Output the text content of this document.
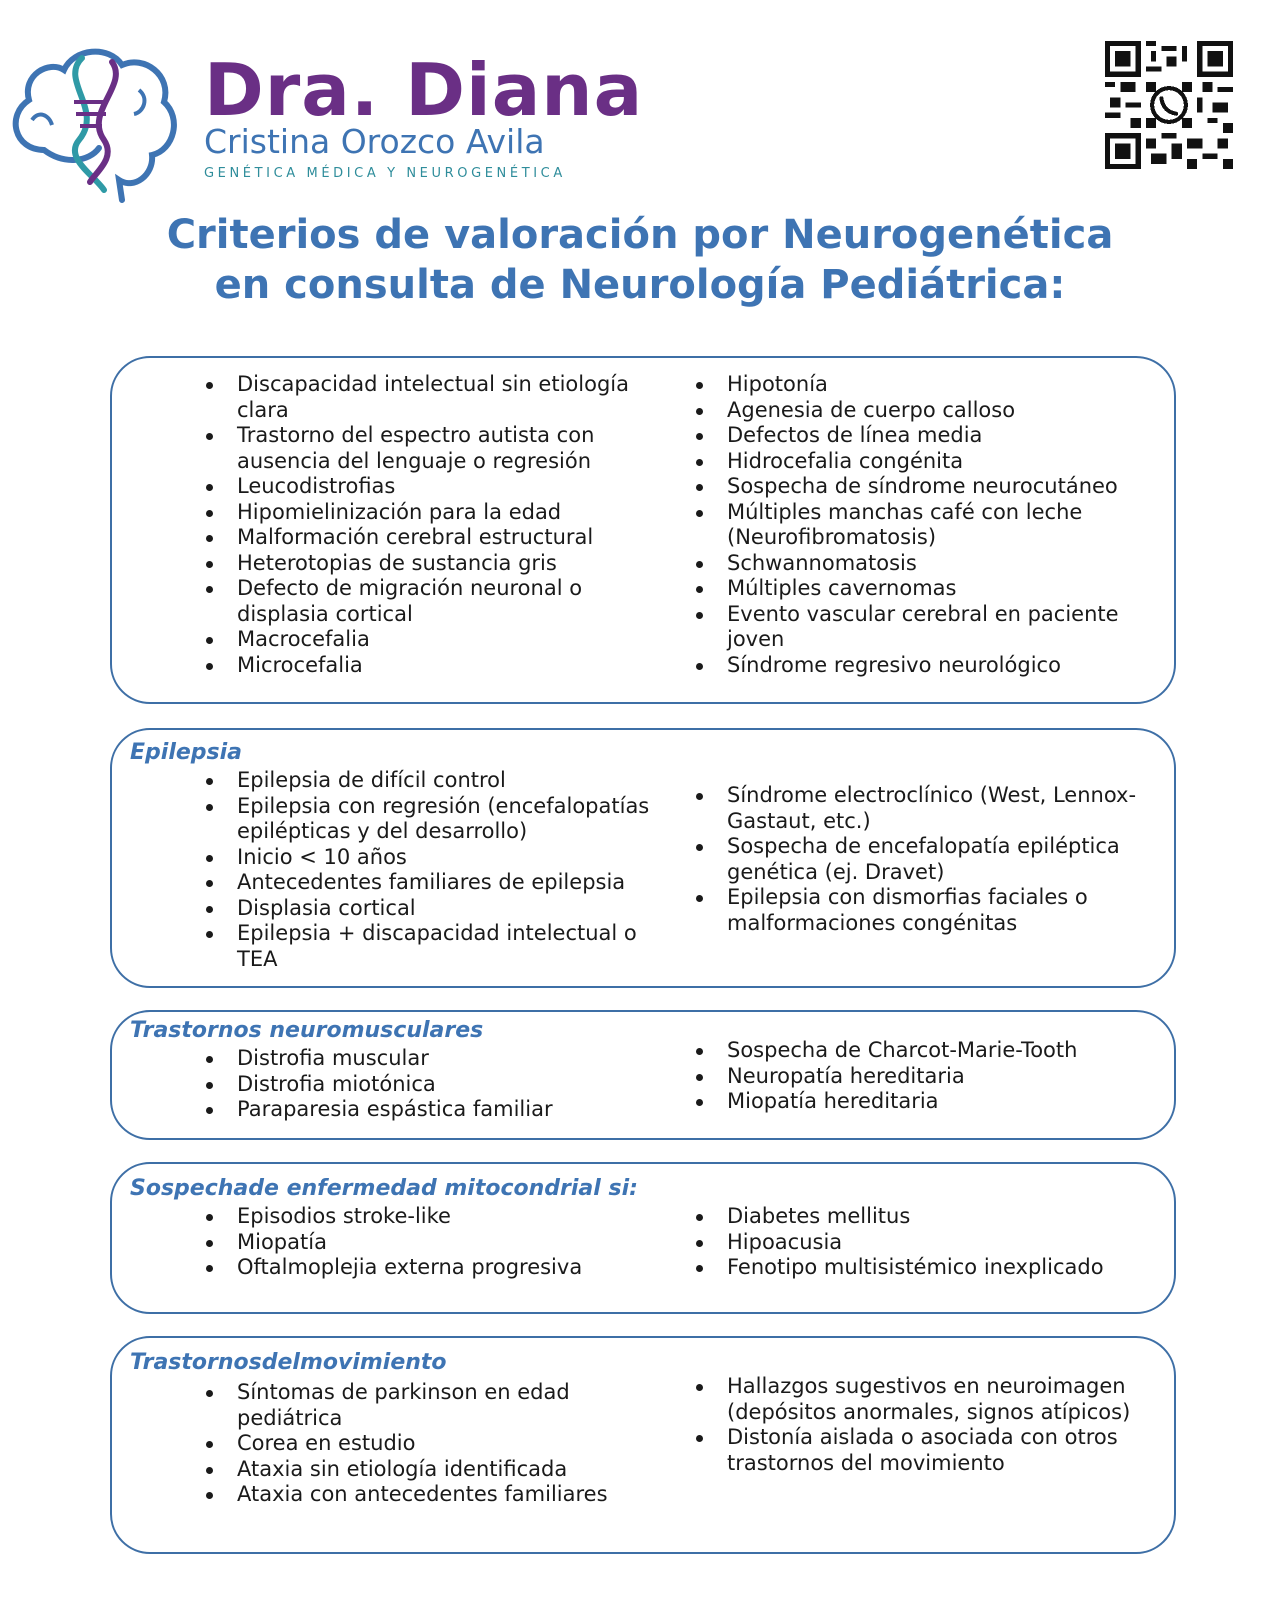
Dra. Diana
Cristina Orozco Avila
GENÉTICA MÉDICA Y NEUROGENÉTICA
Criterios de valoración por Neurogenética
en consulta de Neurología Pediátrica:
Discapacidad intelectual sin etiología clara
Trastorno del espectro autista con ausencia del lenguaje o regresión
Leucodistrofias
Hipomielinización para la edad
Malformación cerebral estructural
Heterotopias de sustancia gris
Defecto de migración neuronal o displasia cortical
Macrocefalia
Microcefalia
Hipotonía
Agenesia de cuerpo calloso
Defectos de línea media
Hidrocefalia congénita
Sospecha de síndrome neurocutáneo
Múltiples manchas café con leche (Neurofibromatosis)
Schwannomatosis
Múltiples cavernomas
Evento vascular cerebral en paciente joven
Síndrome regresivo neurológico
Epilepsia
Epilepsia de difícil control
Epilepsia con regresión (encefalopatías epilépticas y del desarrollo)
Inicio < 10 años
Antecedentes familiares de epilepsia
Displasia cortical
Epilepsia + discapacidad intelectual o TEA
Síndrome electroclínico (West, Lennox- Gastaut, etc.)
Sospecha de encefalopatía epiléptica genética (ej. Dravet)
Epilepsia con dismorfias faciales o malformaciones congénitas
Trastornos neuromusculares
Distrofia muscular
Distrofia miotónica
Paraparesia espástica familiar
Sospecha de Charcot-Marie-Tooth
Neuropatía hereditaria
Miopatía hereditaria
Sospechade enfermedad mitocondrial si:
Episodios stroke-like
Miopatía
Oftalmoplejia externa progresiva
Diabetes mellitus
Hipoacusia
Fenotipo multisistémico inexplicado
Trastornosdelmovimiento
Síntomas de parkinson en edad pediátrica
Corea en estudio
Ataxia sin etiología identificada
Ataxia con antecedentes familiares
Hallazgos sugestivos en neuroimagen (depósitos anormales, signos atípicos)
Distonía aislada o asociada con otros trastornos del movimiento
